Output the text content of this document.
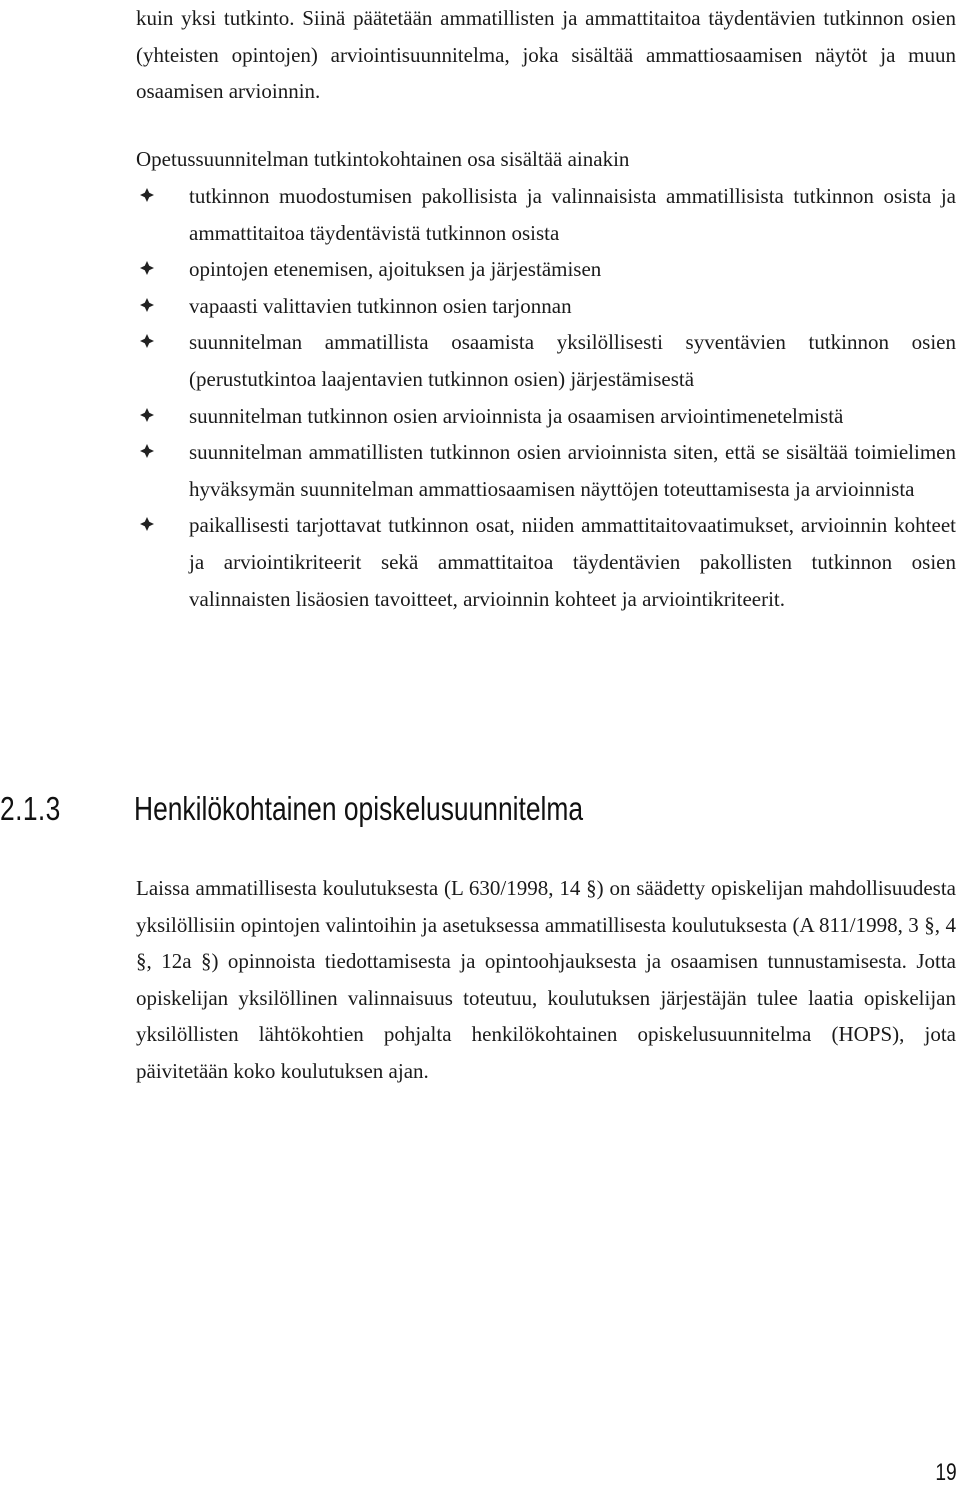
kuin yksi tutkinto. Siinä päätetään ammatillisten ja ammattitaitoa täydentävien tutkinnon osien (yhteisten opintojen) arviointisuunnitelma, joka sisältää ammattiosaamisen näytöt ja muun osaamisen arvioinnin.

Opetussuunnitelman tutkintokohtainen osa sisältää ainakin

tutkinnon muodostumisen pakollisista ja valinnaisista ammatillisista tutkinnon osista ja ammattitaitoa täydentävistä tutkinnon osista
opintojen etenemisen, ajoituksen ja järjestämisen
vapaasti valittavien tutkinnon osien tarjonnan
suunnitelman ammatillista osaamista yksilöllisesti syventävien tutkinnon osien (perustutkintoa laajentavien tutkinnon osien) järjestämisestä
suunnitelman tutkinnon osien arvioinnista ja osaamisen arviointimenetelmistä
suunnitelman ammatillisten tutkinnon osien arvioinnista siten, että se sisältää toimielimen hyväksymän suunnitelman ammattiosaamisen näyttöjen toteuttamisesta ja arvioinnista
paikallisesti tarjottavat tutkinnon osat, niiden ammattitaitovaatimukset, arvioinnin kohteet ja arviointikriteerit sekä ammattitaitoa täydentävien pakollisten tutkinnon osien valinnaisten lisäosien tavoitteet, arvioinnin kohteet ja arviointikriteerit.
2.1.3 Henkilökohtainen opiskelusuunnitelma

Laissa ammatillisesta koulutuksesta (L 630/1998, 14 §) on säädetty opiskelijan mahdollisuudesta yksilöllisiin opintojen valintoihin ja asetuksessa ammatillisesta koulutuksesta (A 811/1998, 3 §, 4 §, 12a §) opinnoista tiedottamisesta ja opintoohjauksesta ja osaamisen tunnustamisesta. Jotta opiskelijan yksilöllinen valinnaisuus toteutuu, koulutuksen järjestäjän tulee laatia opiskelijan yksilöllisten lähtökohtien pohjalta henkilökohtainen opiskelusuunnitelma (HOPS), jota päivitetään koko koulutuksen ajan.

19
